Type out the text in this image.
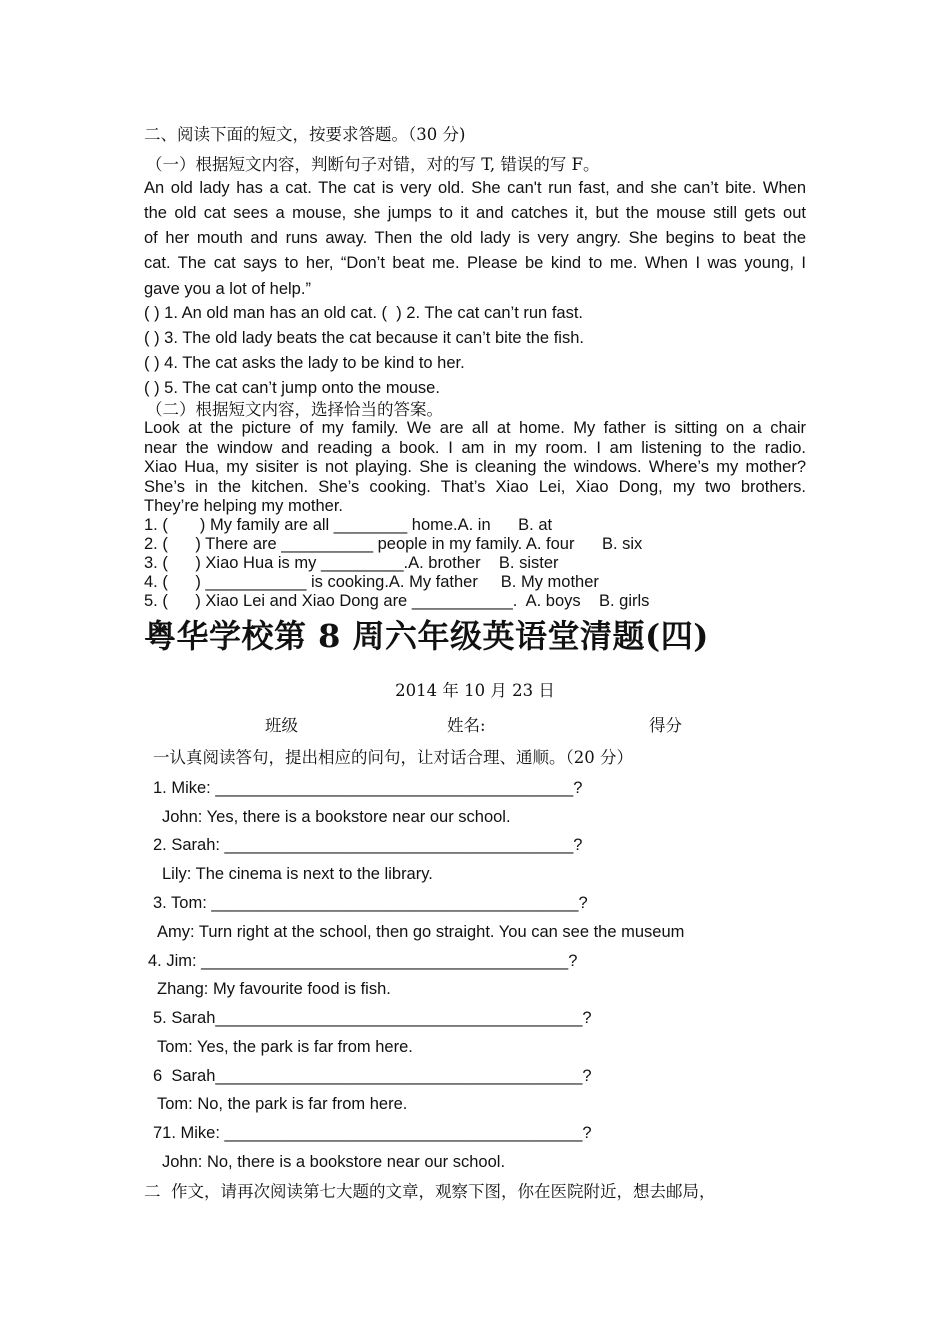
二、阅读下面的短文，按要求答题。（30 分)
（一）根据短文内容，判断句子对错，对的写 T, 错误的写 F。
An old lady has a cat. The cat is very old. She can't run fast, and she can’t bite. When
the old cat sees a mouse, she jumps to it and catches it, but the mouse still gets out
of her mouth and runs away. Then the old lady is very angry. She begins to beat the
cat. The cat says to her, “Don’t beat me. Please be kind to me. When I was young, I
gave you a lot of help.”
( ) 1. An old man has an old cat. (  ) 2. The cat can’t run fast.
( ) 3. The old lady beats the cat because it can’t bite the fish.
( ) 4. The cat asks the lady to be kind to her.
( ) 5. The cat can’t jump onto the mouse.
（二）根据短文内容，选择恰当的答案。
Look at the picture of my family. We are all at home. My father is sitting on a chair
near the window and reading a book. I am in my room. I am listening to the radio.
Xiao Hua, my sisiter is not playing. She is cleaning the windows. Where’s my mother?
She’s in the kitchen. She’s cooking. That’s Xiao Lei, Xiao Dong, my two brothers.
They’re helping my mother.
1. (       ) My family are all ________ home.A. in      B. at
2. (      ) There are __________ people in my family. A. four      B. six
3. (      ) Xiao Hua is my _________.A. brother    B. sister
4. (      ) ___________ is cooking.A. My father     B. My mother
5. (      ) Xiao Lei and Xiao Dong are ___________.  A. boys    B. girls
粤华学校第 8 周六年级英语堂清题(四)
2014 年 10 月 23 日
班级	姓名:	得分
一认真阅读答句，提出相应的问句，让对话合理、通顺。（20 分）
1. Mike: _______________________________________?
John: Yes, there is a bookstore near our school.
2. Sarah: ______________________________________?
Lily: The cinema is next to the library.
3. Tom: ________________________________________?
Amy: Turn right at the school, then go straight. You can see the museum
4. Jim: ________________________________________?
Zhang: My favourite food is fish.
5. Sarah________________________________________?
Tom: Yes, the park is far from here.
6  Sarah________________________________________?
Tom: No, the park is far from here.
71. Mike: _______________________________________?
John: No, there is a bookstore near our school.
二  作文，请再次阅读第七大题的文章，观察下图，你在医院附近，想去邮局，
